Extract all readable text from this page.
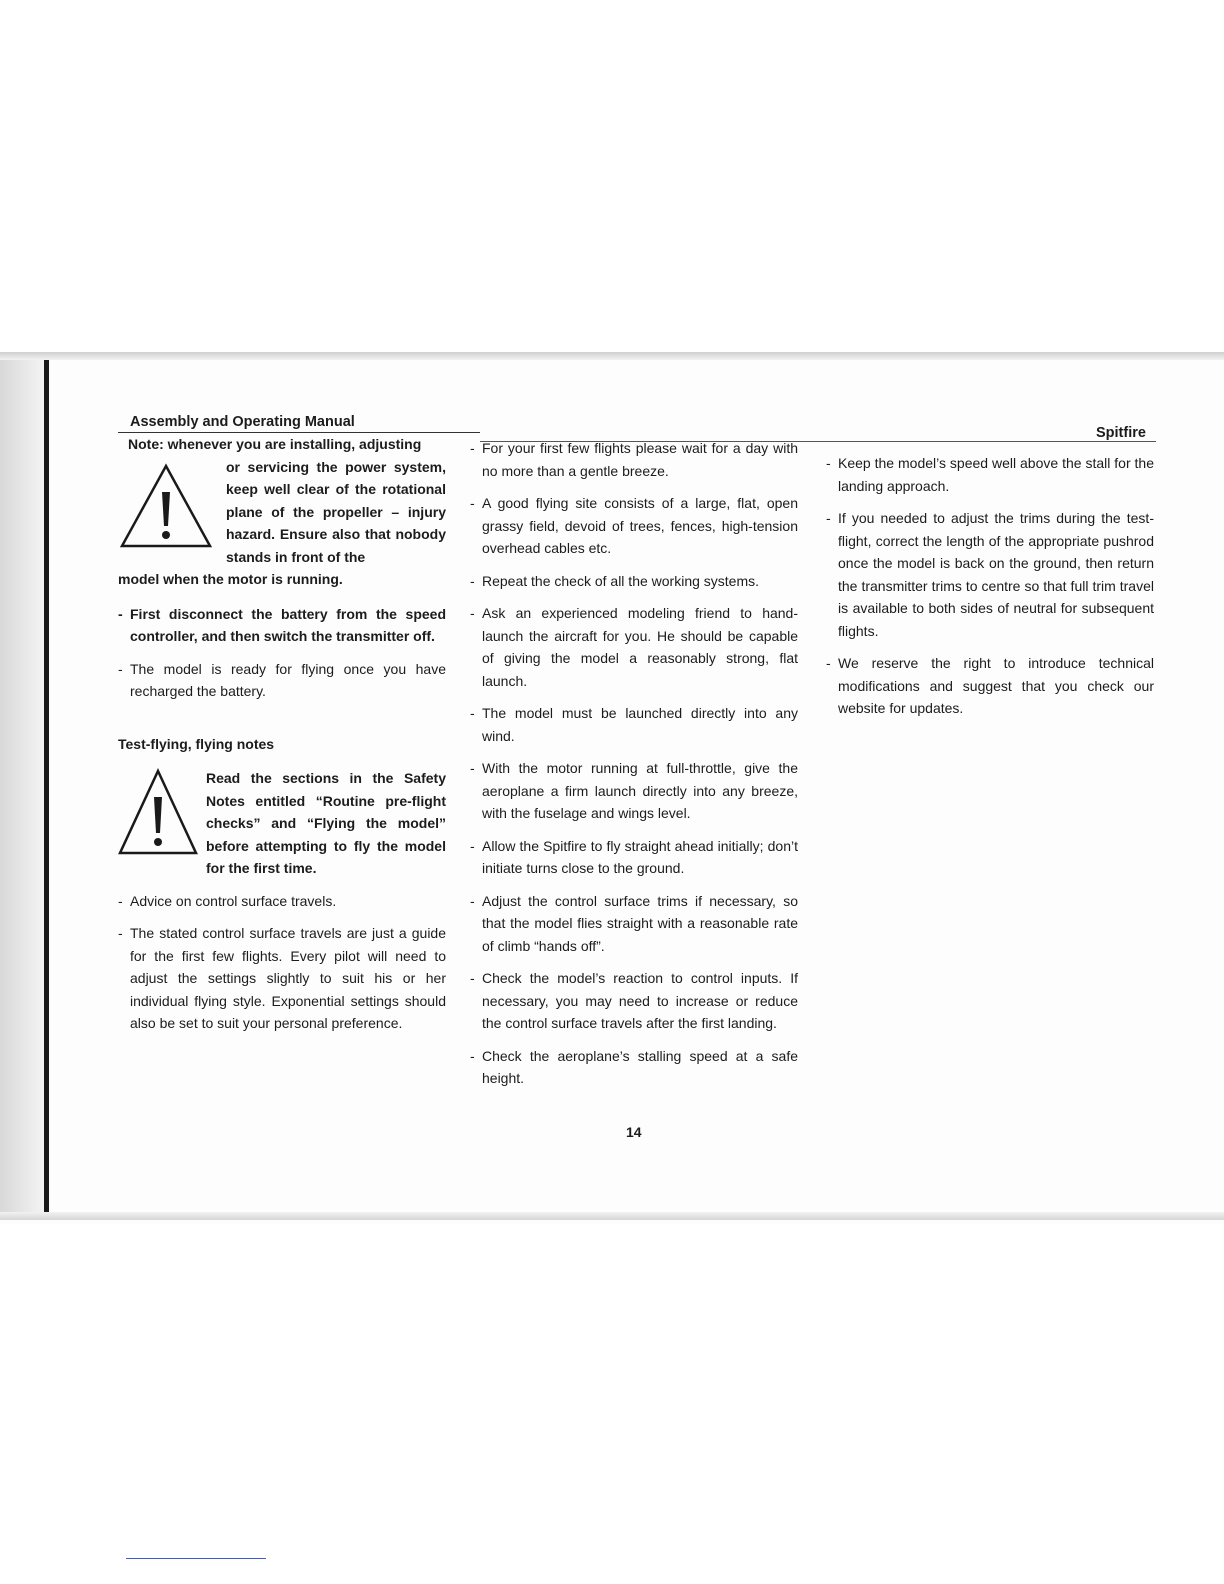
Assembly and Operating Manual
Spitfire
Note: whenever you are installing, adjusting
or servicing the power system, keep well clear of the rotational plane of the propeller – injury hazard. Ensure also that nobody stands in front of the
model when the motor is running.
- First disconnect the battery from the speed controller, and then switch the transmitter off.
- The model is ready for flying once you have recharged the battery.
Test-flying, flying notes
Read the sections in the Safety Notes entitled “Routine pre-flight checks” and “Flying the model” before attempting to fly the model for the first time.
- Advice on control surface travels.
- The stated control surface travels are just a guide for the first few flights. Every pilot will need to adjust the settings slightly to suit his or her individual flying style. Exponential settings should also be set to suit your personal preference.
- For your first few flights please wait for a day with no more than a gentle breeze.
- A good flying site consists of a large, flat, open grassy field, devoid of trees, fences, high-tension overhead cables etc.
- Repeat the check of all the working systems.
- Ask an experienced modeling friend to hand-launch the aircraft for you. He should be capable of giving the model a reasonably strong, flat launch.
- The model must be launched directly into any wind.
- With the motor running at full-throttle, give the aeroplane a firm launch directly into any breeze, with the fuselage and wings level.
- Allow the Spitfire to fly straight ahead initially; don’t initiate turns close to the ground.
- Adjust the control surface trims if necessary, so that the model flies straight with a reasonable rate of climb “hands off”.
- Check the model’s reaction to control inputs. If necessary, you may need to increase or reduce the control surface travels after the first landing.
- Check the aeroplane’s stalling speed at a safe height.
- Keep the model’s speed well above the stall for the landing approach.
- If you needed to adjust the trims during the test-flight, correct the length of the appropriate pushrod once the model is back on the ground, then return the transmitter trims to centre so that full trim travel is available to both sides of neutral for subsequent flights.
- We reserve the right to introduce technical modifications and suggest that you check our website for updates.
14
